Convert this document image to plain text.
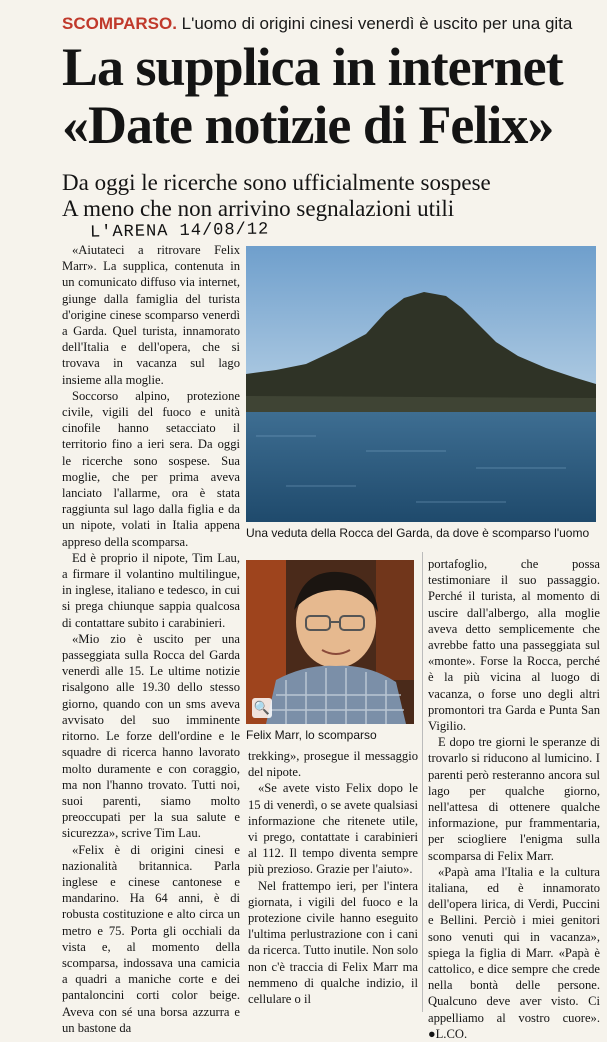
SCOMPARSO. L'uomo di origini cinesi venerdì è uscito per una gita
La supplica in internet
«Date notizie di Felix»
Da oggi le ricerche sono ufficialmente sospese
A meno che non arrivino segnalazioni utili
L'ARENA 14/08/12

«Aiutateci a ritrovare Felix Marr». La supplica, contenuta in un comunicato diffuso via internet, giunge dalla famiglia del turista d'origine cinese scomparso venerdì a Garda. Quel turista, innamorato dell'Italia e dell'opera, che si trovava in vacanza sul lago insieme alla moglie.

Soccorso alpino, protezione civile, vigili del fuoco e unità cinofile hanno setacciato il territorio fino a ieri sera. Da oggi le ricerche sono sospese. Sua moglie, che per prima aveva lanciato l'allarme, ora è stata raggiunta sul lago dalla figlia e da un nipote, volati in Italia appena appreso della scomparsa.

Ed è proprio il nipote, Tim Lau, a firmare il volantino multilingue, in inglese, italiano e tedesco, in cui si prega chiunque sappia qualcosa di contattare subito i carabinieri.

«Mio zio è uscito per una passeggiata sulla Rocca del Garda venerdì alle 15. Le ultime notizie risalgono alle 19.30 dello stesso giorno, quando con un sms aveva avvisato del suo imminente ritorno. Le forze dell'ordine e le squadre di ricerca hanno lavorato molto duramente e con coraggio, ma non l'hanno trovato. Tutti noi, suoi parenti, siamo molto preoccupati per la sua salute e sicurezza», scrive Tim Lau.

«Felix è di origini cinesi e nazionalità britannica. Parla inglese e cinese cantonese e mandarino. Ha 64 anni, è di robusta costituzione e alto circa un metro e 75. Porta gli occhiali da vista e, al momento della scomparsa, indossava una camicia a quadri a maniche corte e dei pantaloncini corti color beige. Aveva con sé una borsa azzurra e un bastone da

Una veduta della Rocca del Garda, da dove è scomparso l'uomo
🔍
Felix Marr, lo scomparso

trekking», prosegue il messaggio del nipote.

«Se avete visto Felix dopo le 15 di venerdì, o se avete qualsiasi informazione che ritenete utile, vi prego, contattate i carabinieri al 112. Il tempo diventa sempre più prezioso. Grazie per l'aiuto».

Nel frattempo ieri, per l'intera giornata, i vigili del fuoco e la protezione civile hanno eseguito l'ultima perlustrazione con i cani da ricerca. Tutto inutile. Non solo non c'è traccia di Felix Marr ma nemmeno di qualche indizio, il cellulare o il

portafoglio, che possa testimoniare il suo passaggio. Perché il turista, al momento di uscire dall'albergo, alla moglie aveva detto semplicemente che avrebbe fatto una passeggiata sul «monte». Forse la Rocca, perché è la più vicina al luogo di vacanza, o forse uno degli altri promontori tra Garda e Punta San Vigilio.

E dopo tre giorni le speranze di trovarlo si riducono al lumicino. I parenti però resteranno ancora sul lago per qualche giorno, nell'attesa di ottenere qualche informazione, pur frammentaria, per sciogliere l'enigma sulla scomparsa di Felix Marr.

«Papà ama l'Italia e la cultura italiana, ed è innamorato dell'opera lirica, di Verdi, Puccini e Bellini. Perciò i miei genitori sono venuti qui in vacanza», spiega la figlia di Marr. «Papà è cattolico, e dice sempre che crede nella bontà delle persone. Qualcuno deve aver visto. Ci appelliamo al vostro cuore». ●L.CO.
